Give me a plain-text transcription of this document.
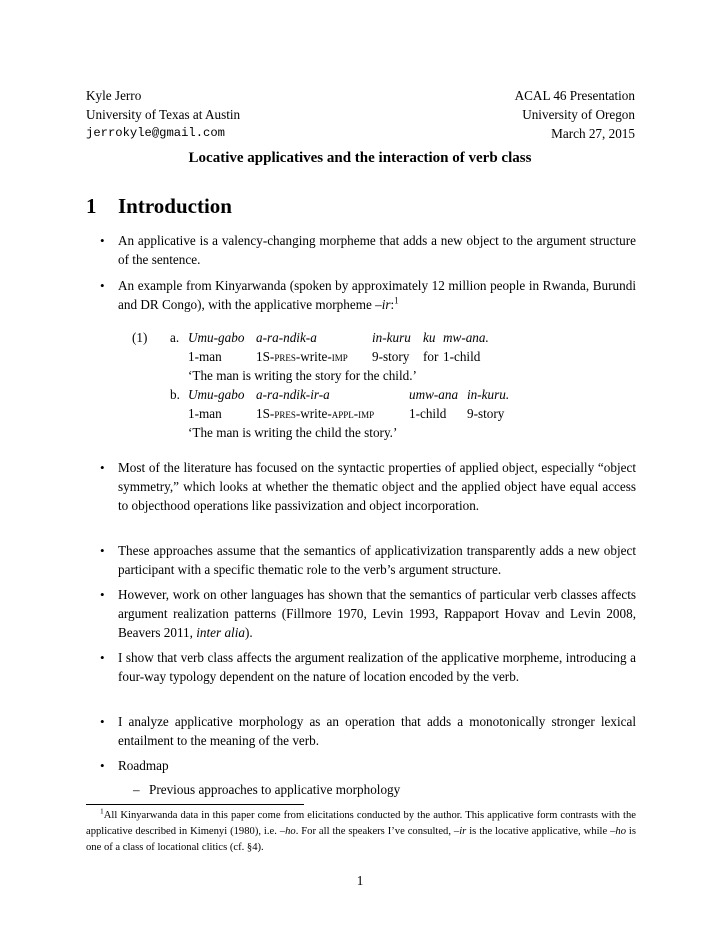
Kyle Jerro
University of Texas at Austin
jerrokyle@gmail.com
ACAL 46 Presentation
University of Oregon
March 27, 2015
Locative applicatives and the interaction of verb class
1 Introduction
• An applicative is a valency-changing morpheme that adds a new object to the argument structure of the sentence.
• An example from Kinyarwanda (spoken by approximately 12 million people in Rwanda, Burundi and DR Congo), with the applicative morpheme –ir:$^1$
(1) a. Umu-gabo a-ra-ndik-a	in-kuru ku mw-ana.
1-man	1S-pres-write-imp 9-story for 1-child
‘The man is writing the story for the child.’
b. Umu-gabo a-ra-ndik-ir-a	umw-ana in-kuru.
1-man	1S-pres-write-appl-imp	1-child 9-story
‘The man is writing the child the story.’
• Most of the literature has focused on the syntactic properties of applied object, especially “object symmetry,” which looks at whether the thematic object and the applied object have equal access to objecthood operations like passivization and object incorporation.
• These approaches assume that the semantics of applicativization transparently adds a new object participant with a specific thematic role to the verb’s argument structure.
• However, work on other languages has shown that the semantics of particular verb classes affects argument realization patterns (Fillmore 1970, Levin 1993, Rappaport Hovav and Levin 2008, Beavers 2011, inter alia).
• I show that verb class affects the argument realization of the applicative morpheme, introducing a four-way typology dependent on the nature of location encoded by the verb.
• I analyze applicative morphology as an operation that adds a monotonically stronger lexical entailment to the meaning of the verb.
• Roadmap
– Previous approaches to applicative morphology
$^1$All Kinyarwanda data in this paper come from elicitations conducted by the author. This applicative form contrasts with the applicative described in Kimenyi (1980), i.e. –ho. For all the speakers I’ve consulted, –ir is the locative applicative, while –ho is one of a class of locational clitics (cf. §4).
1
